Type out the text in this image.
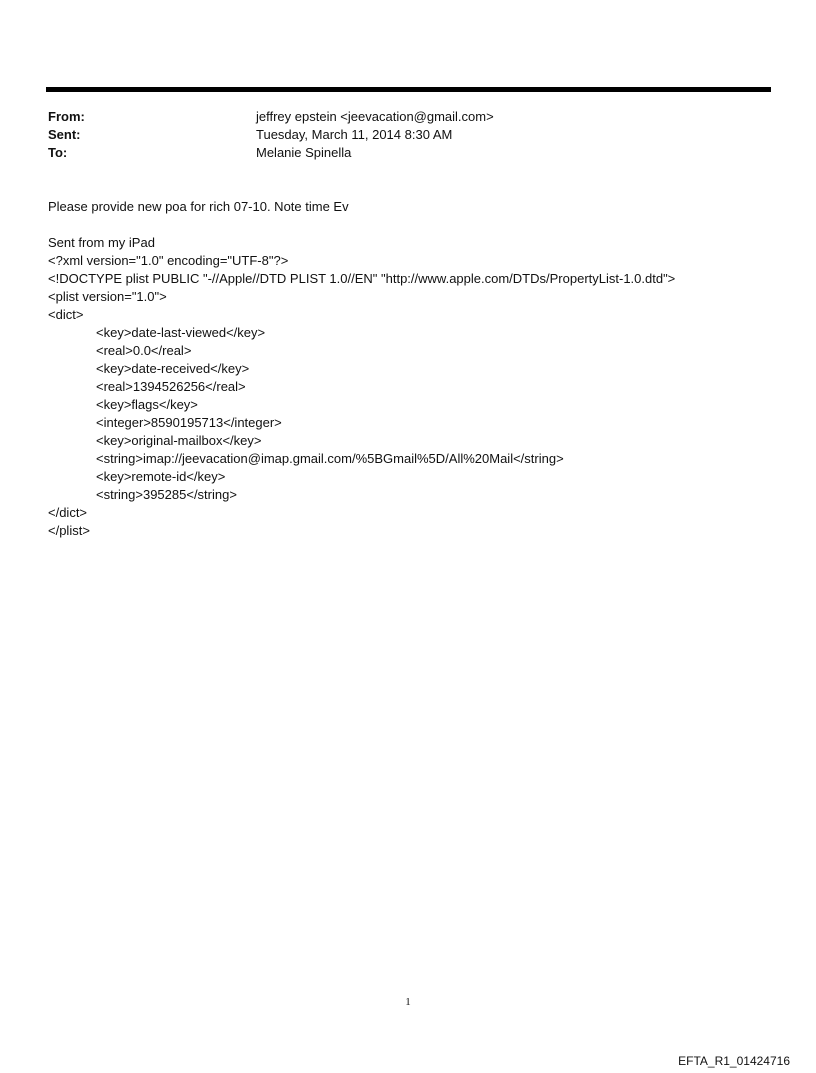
From:	jeffrey epstein <jeevacation@gmail.com>
Sent:	Tuesday, March 11, 2014 8:30 AM
To:	Melanie Spinella

Please provide new poa for rich 07-10. Note time Ev

Sent from my iPad
<?xml version="1.0" encoding="UTF-8"?>
<!DOCTYPE plist PUBLIC "-//Apple//DTD PLIST 1.0//EN" "http://www.apple.com/DTDs/PropertyList-1.0.dtd">
<plist version="1.0">
<dict>
<key>date-last-viewed</key>
<real>0.0</real>
<key>date-received</key>
<real>1394526256</real>
<key>flags</key>
<integer>8590195713</integer>
<key>original-mailbox</key>
<string>imap://jeevacation@imap.gmail.com/%5BGmail%5D/All%20Mail</string>
<key>remote-id</key>
<string>395285</string>
</dict>
</plist>
1
EFTA_R1_01424716
